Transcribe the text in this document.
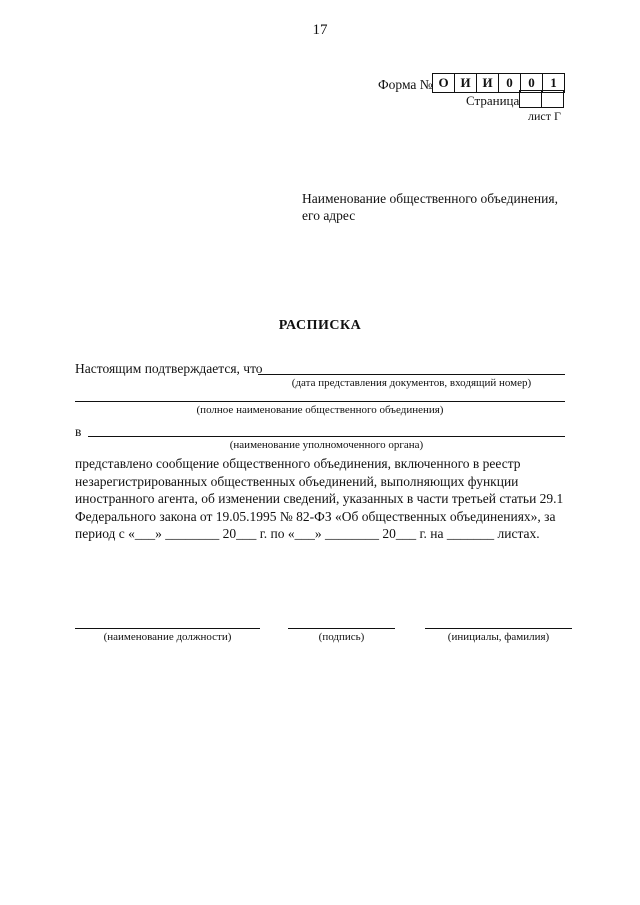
17
Форма № О И И	0	0	1
Страница
лист Г
Наименование общественного объединения,
его адрес
РАСПИСКА
Настоящим подтверждается, что
(дата представления документов, входящий номер)
(полное наименование общественного объединения)
в
(наименование уполномоченного органа)
представлено сообщение общественного объединения, включенного в реестр
незарегистрированных общественных объединений, выполняющих функции
иностранного агента, об изменении сведений, указанных в части третьей статьи 29.1
Федерального закона от 19.05.1995 № 82-ФЗ «Об общественных объединениях», за
период с «___» ________ 20___ г. по «___» ________ 20___ г. на _______ листах.
(наименование должности)	(подпись)	(инициалы, фамилия)
